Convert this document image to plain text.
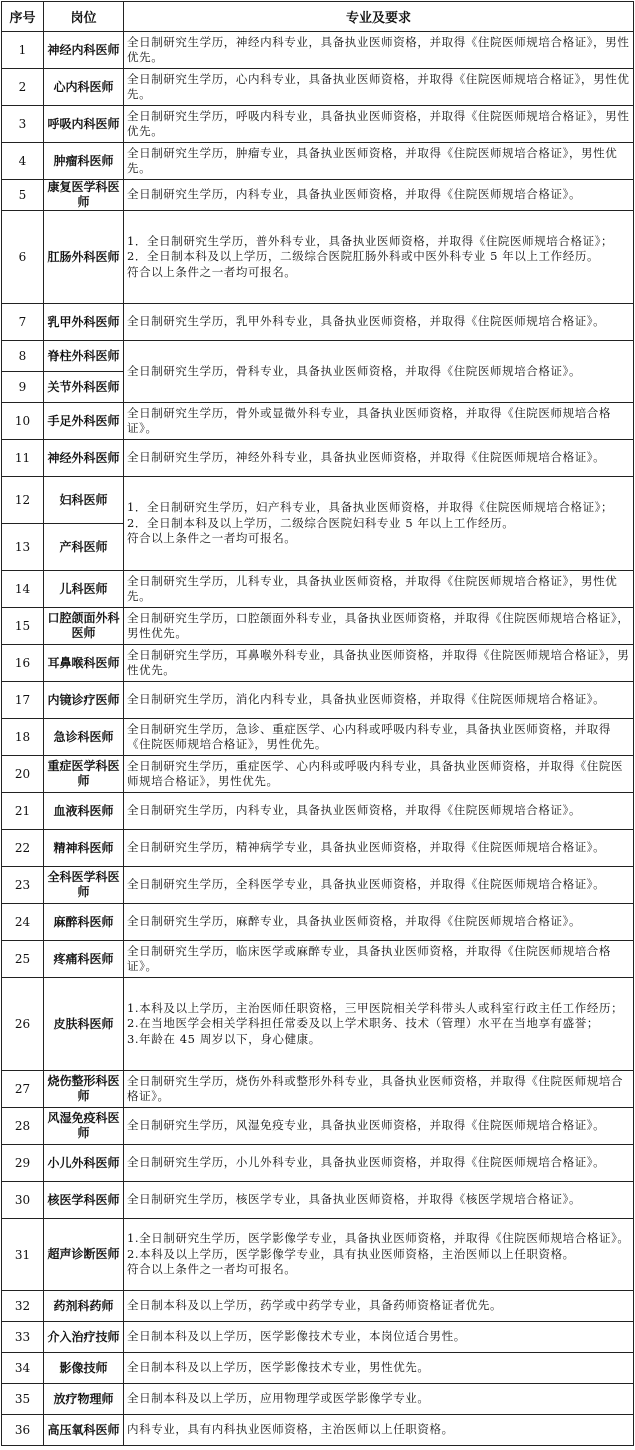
序号	岗位	专业及要求
1	神经内科医师	全日制研究生学历，神经内科专业，具备执业医师资格，并取得《住院医师规培合格证》，男性优先。

2	心内科医师	全日制研究生学历，心内科专业，具备执业医师资格，并取得《住院医师规培合格证》，男性优先。

3	呼吸内科医师	全日制研究生学历，呼吸内科专业，具备执业医师资格，并取得《住院医师规培合格证》，男性优先。

4	肿瘤科医师	全日制研究生学历，肿瘤专业，具备执业医师资格，并取得《住院医师规培合格证》，男性优先。

5	康复医学科医师	全日制研究生学历，内科专业，具备执业医师资格，并取得《住院医师规培合格证》。

6	肛肠外科医师	1．全日制研究生学历，普外科专业，具备执业医师资格，并取得《住院医师规培合格证》；
2．全日制本科及以上学历，二级综合医院肛肠外科或中医外科专业 5 年以上工作经历。
符合以上条件之一者均可报名。

7	乳甲外科医师	全日制研究生学历，乳甲外科专业，具备执业医师资格，并取得《住院医师规培合格证》。

8	脊柱外科医师	全日制研究生学历，骨科专业，具备执业医师资格，并取得《住院医师规培合格证》。

9	关节外科医师	
10	手足外科医师	全日制研究生学历，骨外或显微外科专业，具备执业医师资格，并取得《住院医师规培合格证》。

11	神经外科医师	全日制研究生学历，神经外科专业，具备执业医师资格，并取得《住院医师规培合格证》。

12	妇科医师	1．全日制研究生学历，妇产科专业，具备执业医师资格，并取得《住院医师规培合格证》；
2．全日制本科及以上学历，二级综合医院妇科专业 5 年以上工作经历。
符合以上条件之一者均可报名。

13	产科医师	
14	儿科医师	全日制研究生学历，儿科专业，具备执业医师资格，并取得《住院医师规培合格证》，男性优先。

15	口腔颌面外科医师	全日制研究生学历，口腔颌面外科专业，具备执业医师资格，并取得《住院医师规培合格证》，男性优先。

16	耳鼻喉科医师	全日制研究生学历，耳鼻喉外科专业，具备执业医师资格，并取得《住院医师规培合格证》，男性优先。

17	内镜诊疗医师	全日制研究生学历，消化内科专业，具备执业医师资格，并取得《住院医师规培合格证》。

18	急诊科医师	全日制研究生学历，急诊、重症医学、心内科或呼吸内科专业，具备执业医师资格，并取得《住院医师规培合格证》，男性优先。

20	重症医学科医师	全日制研究生学历，重症医学、心内科或呼吸内科专业，具备执业医师资格，并取得《住院医师规培合格证》，男性优先。

21	血液科医师	全日制研究生学历，内科专业，具备执业医师资格，并取得《住院医师规培合格证》。

22	精神科医师	全日制研究生学历，精神病学专业，具备执业医师资格，并取得《住院医师规培合格证》。

23	全科医学科医师	全日制研究生学历，全科医学专业，具备执业医师资格，并取得《住院医师规培合格证》。

24	麻醉科医师	全日制研究生学历，麻醉专业，具备执业医师资格，并取得《住院医师规培合格证》。

25	疼痛科医师	全日制研究生学历，临床医学或麻醉专业，具备执业医师资格，并取得《住院医师规培合格证》。

26	皮肤科医师	1.本科及以上学历，主治医师任职资格，三甲医院相关学科带头人或科室行政主任工作经历；
2.在当地医学会相关学科担任常委及以上学术职务、技术（管理）水平在当地享有盛誉；
3.年龄在 45 周岁以下，身心健康。

27	烧伤整形科医师	全日制研究生学历，烧伤外科或整形外科专业，具备执业医师资格，并取得《住院医师规培合格证》。

28	风湿免疫科医师	全日制研究生学历，风湿免疫专业，具备执业医师资格，并取得《住院医师规培合格证》。

29	小儿外科医师	全日制研究生学历，小儿外科专业，具备执业医师资格，并取得《住院医师规培合格证》。

30	核医学科医师	全日制研究生学历，核医学专业，具备执业医师资格，并取得《核医学规培合格证》。

31	超声诊断医师	1.全日制研究生学历，医学影像学专业，具备执业医师资格，并取得《住院医师规培合格证》。
2.本科及以上学历，医学影像学专业，具有执业医师资格，主治医师以上任职资格。
符合以上条件之一者均可报名。

32	药剂科药师	全日制本科及以上学历，药学或中药学专业，具备药师资格证者优先。

33	介入治疗技师	全日制本科及以上学历，医学影像技术专业，本岗位适合男性。

34	影像技师	全日制本科及以上学历，医学影像技术专业，男性优先。

35	放疗物理师	全日制本科及以上学历，应用物理学或医学影像学专业。

36	高压氧科医师	内科专业，具有内科执业医师资格，主治医师以上任职资格。
